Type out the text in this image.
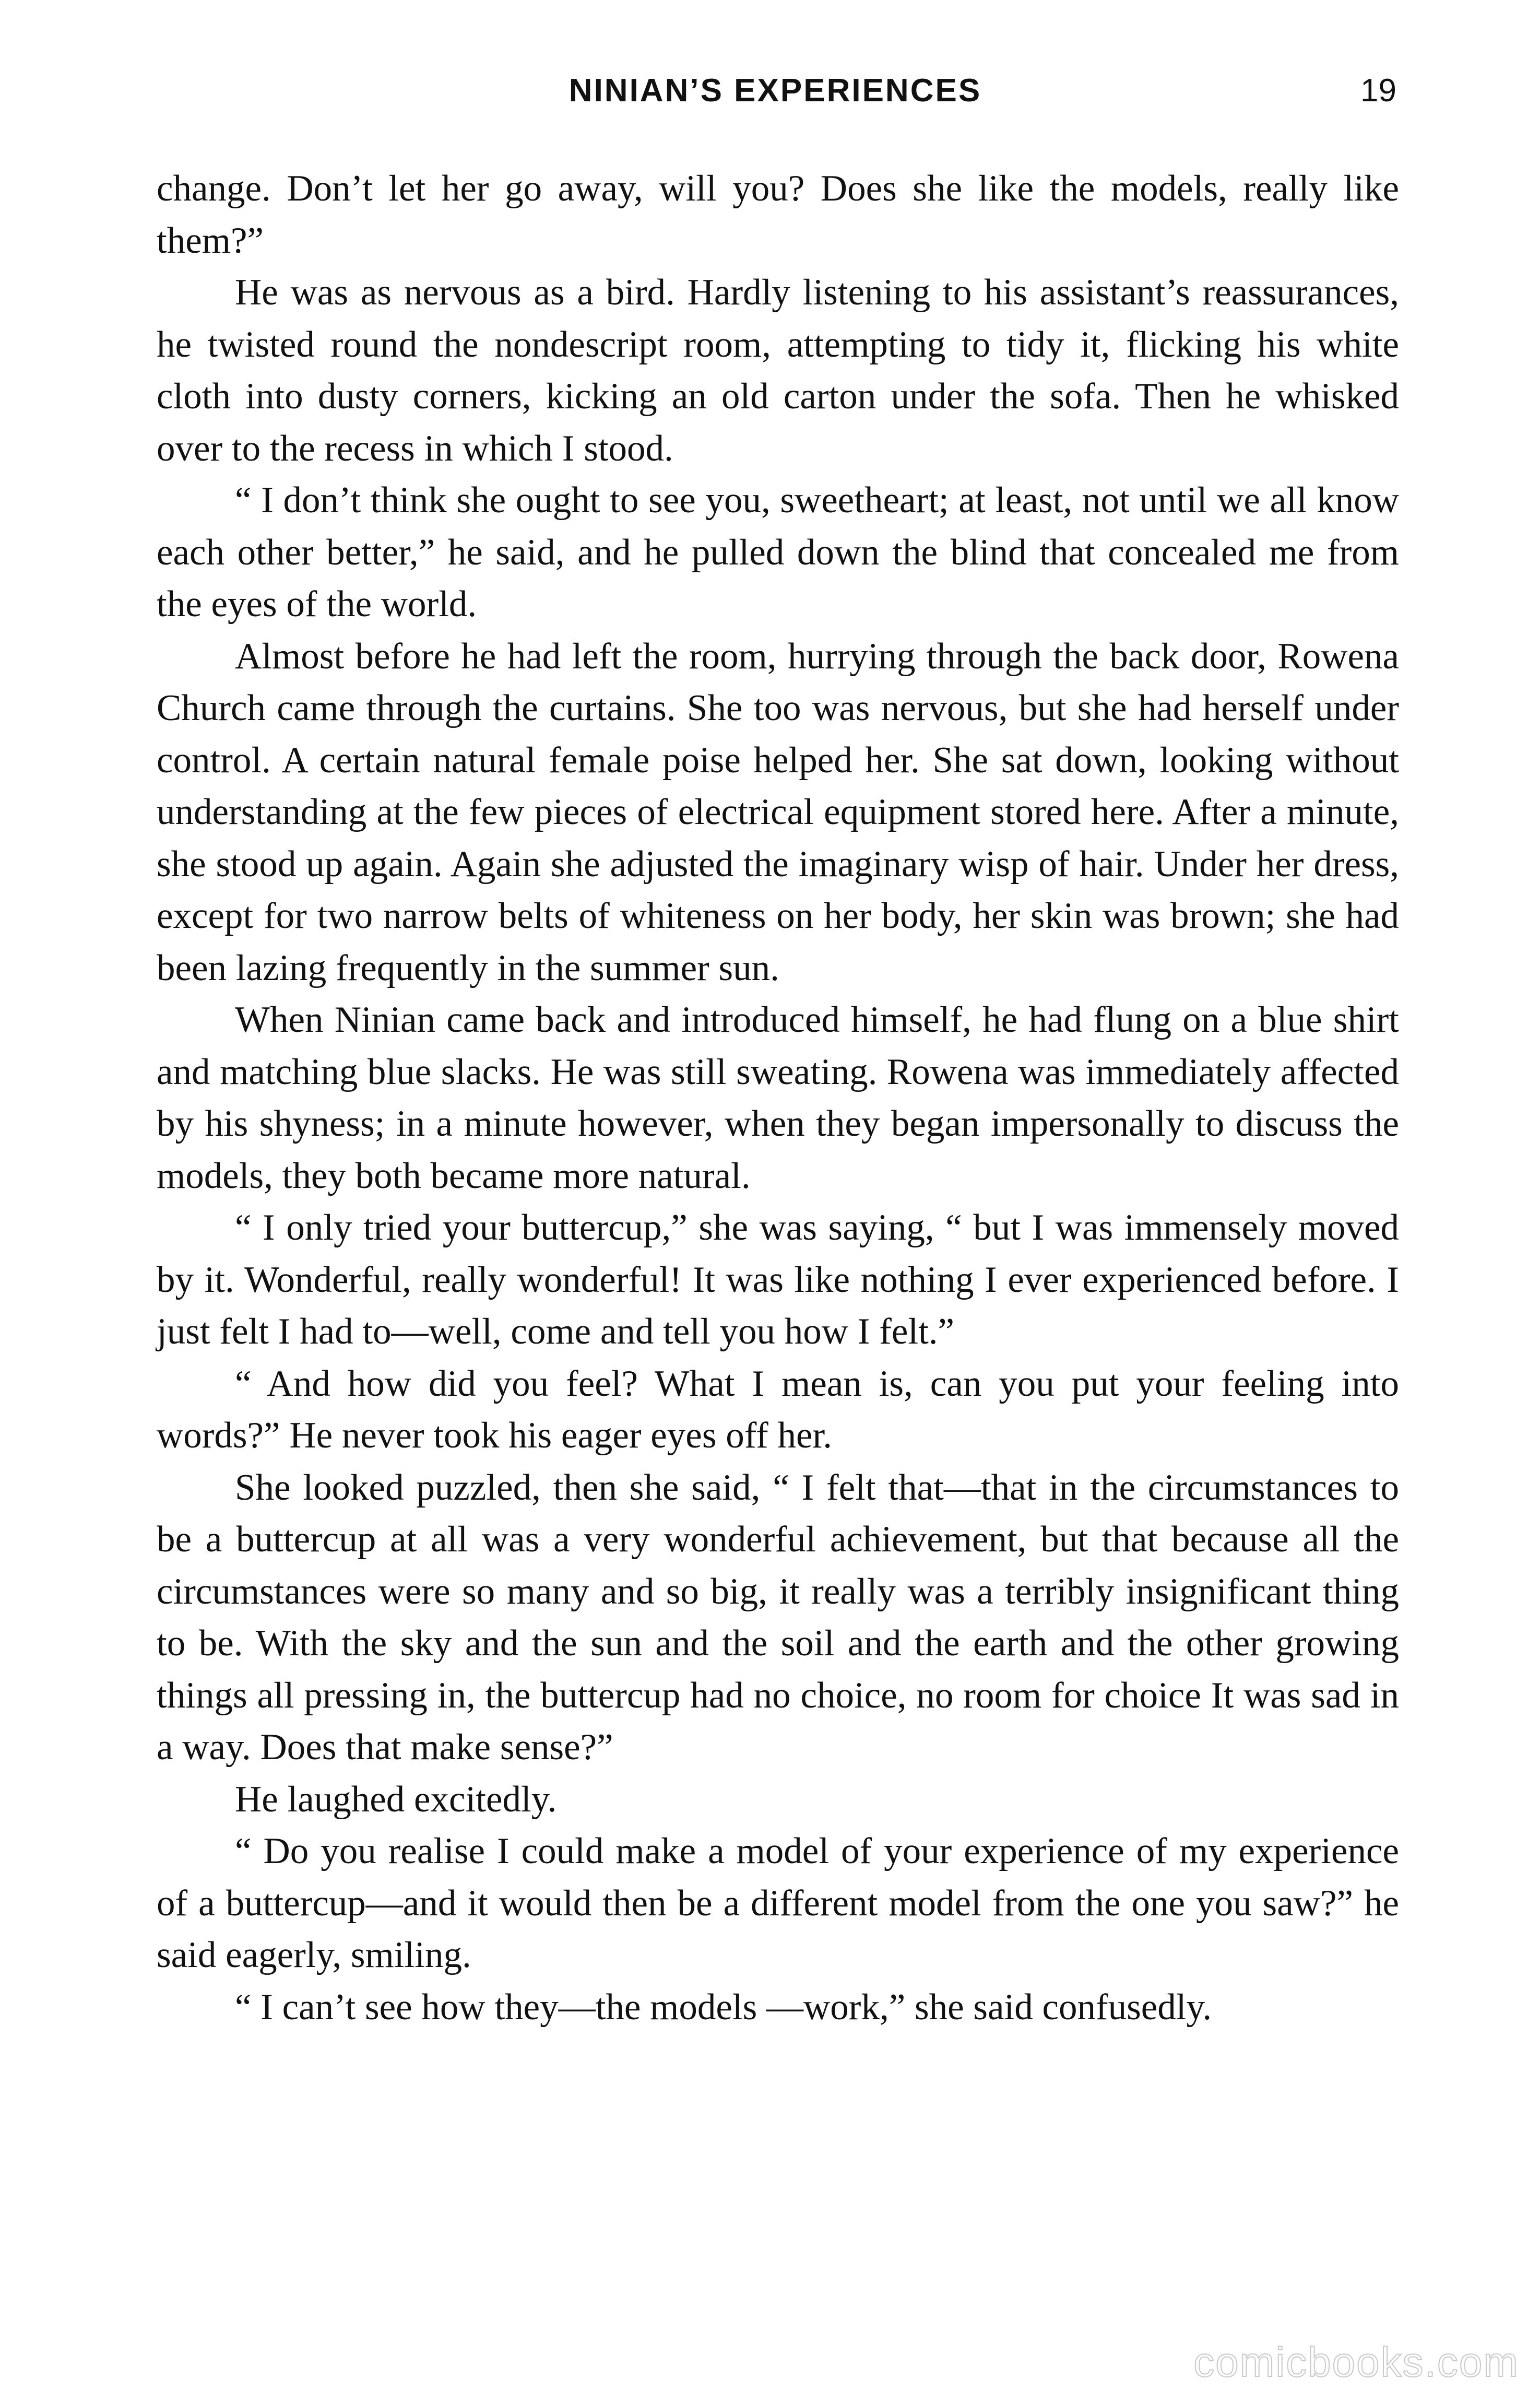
NINIAN’S EXPERIENCES	19

change. Don’t let her go away, will you? Does she like the models, really like them?”

He was as nervous as a bird. Hardly listening to his assistant’s reassurances, he twisted round the nondescript room, attempting to tidy it, flicking his white cloth into dusty corners, kicking an old carton under the sofa. Then he whisked over to the recess in which I stood.

“ I don’t think she ought to see you, sweetheart; at least, not until we all know each other better,” he said, and he pulled down the blind that concealed me from the eyes of the world.

Almost before he had left the room, hurrying through the back door, Rowena Church came through the curtains. She too was nervous, but she had herself under control. A certain natural female poise helped her. She sat down, looking without understanding at the few pieces of electrical equipment stored here. After a minute, she stood up again. Again she adjusted the imaginary wisp of hair. Under her dress, except for two narrow belts of whiteness on her body, her skin was brown; she had been lazing frequently in the summer sun.

When Ninian came back and introduced himself, he had flung on a blue shirt and matching blue slacks. He was still sweating. Rowena was immediately affected by his shyness; in a minute however, when they began impersonally to discuss the models, they both became more natural.

“ I only tried your buttercup,” she was saying, “ but I was immensely moved by it. Wonderful, really wonderful! It was like nothing I ever experienced before. I just felt I had to—well, come and tell you how I felt.”

“ And how did you feel? What I mean is, can you put your feeling into words?” He never took his eager eyes off her.

She looked puzzled, then she said, “ I felt that—that in the circumstances to be a buttercup at all was a very wonderful achievement, but that because all the circumstances were so many and so big, it really was a terribly insignificant thing to be. With the sky and the sun and the soil and the earth and the other growing things all pressing in, the buttercup had no choice, no room for choice It was sad in a way. Does that make sense?”

He laughed excitedly.

“ Do you realise I could make a model of your experience of my experience of a buttercup—and it would then be a different model from the one you saw?” he said eagerly, smiling.

“ I can’t see how they—the models —work,” she said confusedly.

comicbooks.com
